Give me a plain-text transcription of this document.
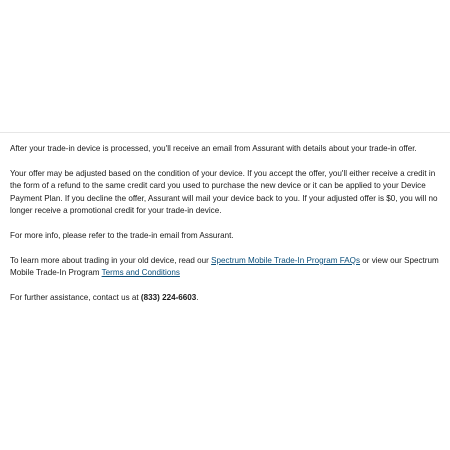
After your trade-in device is processed, you'll receive an email from Assurant with details about your trade-in offer.

Your offer may be adjusted based on the condition of your device. If you accept the offer, you'll either receive a credit in the form of a refund to the same credit card you used to purchase the new device or it can be applied to your Device Payment Plan. If you decline the offer, Assurant will mail your device back to you. If your adjusted offer is $0, you will no longer receive a promotional credit for your trade-in device.

For more info, please refer to the trade-in email from Assurant.

To learn more about trading in your old device, read our Spectrum Mobile Trade-In Program FAQs or view our Spectrum Mobile Trade-In Program Terms and Conditions

For further assistance, contact us at (833) 224-6603.
